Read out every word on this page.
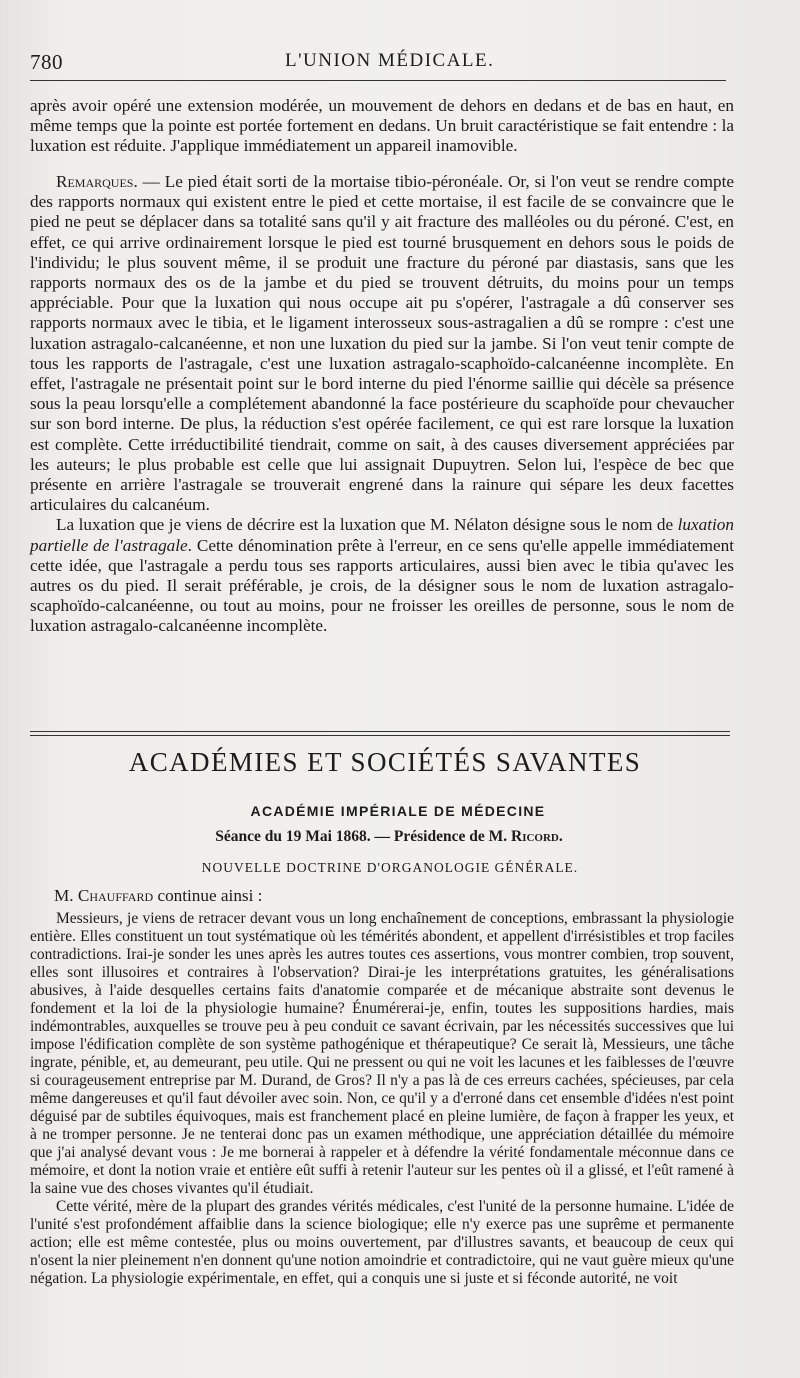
780	L'UNION MÉDICALE.

après avoir opéré une extension modérée, un mouvement de dehors en dedans et de bas en haut, en même temps que la pointe est portée fortement en dedans. Un bruit caractéristique se fait entendre : la luxation est réduite. J'applique immédiatement un appareil inamovible.

Remarques. — Le pied était sorti de la mortaise tibio-péronéale. Or, si l'on veut se rendre compte des rapports normaux qui existent entre le pied et cette mortaise, il est facile de se convaincre que le pied ne peut se déplacer dans sa totalité sans qu'il y ait fracture des malléoles ou du péroné. C'est, en effet, ce qui arrive ordinairement lorsque le pied est tourné brusquement en dehors sous le poids de l'individu; le plus souvent même, il se produit une fracture du péroné par diastasis, sans que les rapports normaux des os de la jambe et du pied se trouvent détruits, du moins pour un temps appréciable. Pour que la luxation qui nous occupe ait pu s'opérer, l'astragale a dû conserver ses rapports normaux avec le tibia, et le ligament interosseux sous-astragalien a dû se rompre : c'est une luxation astragalo-calcanéenne, et non une luxation du pied sur la jambe. Si l'on veut tenir compte de tous les rapports de l'astragale, c'est une luxation astragalo-scaphoïdo-calcanéenne incomplète. En effet, l'astragale ne présentait point sur le bord interne du pied l'énorme saillie qui décèle sa présence sous la peau lorsqu'elle a complétement abandonné la face postérieure du scaphoïde pour chevaucher sur son bord interne. De plus, la réduction s'est opérée facilement, ce qui est rare lorsque la luxation est complète. Cette irréductibilité tiendrait, comme on sait, à des causes diversement appréciées par les auteurs; le plus probable est celle que lui assignait Dupuytren. Selon lui, l'espèce de bec que présente en arrière l'astragale se trouverait engrené dans la rainure qui sépare les deux facettes articulaires du calcanéum.

La luxation que je viens de décrire est la luxation que M. Nélaton désigne sous le nom de luxation partielle de l'astragale. Cette dénomination prête à l'erreur, en ce sens qu'elle appelle immédiatement cette idée, que l'astragale a perdu tous ses rapports articulaires, aussi bien avec le tibia qu'avec les autres os du pied. Il serait préférable, je crois, de la désigner sous le nom de luxation astragalo-scaphoïdo-calcanéenne, ou tout au moins, pour ne froisser les oreilles de personne, sous le nom de luxation astragalo-calcanéenne incomplète.

ACADÉMIES ET SOCIÉTÉS SAVANTES
ACADÉMIE IMPÉRIALE DE MÉDECINE
Séance du 19 Mai 1868. — Présidence de M. Ricord.
NOUVELLE DOCTRINE D'ORGANOLOGIE GÉNÉRALE.

M. Chauffard continue ainsi :

Messieurs, je viens de retracer devant vous un long enchaînement de conceptions, embrassant la physiologie entière. Elles constituent un tout systématique où les témérités abondent, et appellent d'irrésistibles et trop faciles contradictions. Irai-je sonder les unes après les autres toutes ces assertions, vous montrer combien, trop souvent, elles sont illusoires et contraires à l'observation? Dirai-je les interprétations gratuites, les généralisations abusives, à l'aide desquelles certains faits d'anatomie comparée et de mécanique abstraite sont devenus le fondement et la loi de la physiologie humaine? Énumérerai-je, enfin, toutes les suppositions hardies, mais indémontrables, auxquelles se trouve peu à peu conduit ce savant écrivain, par les nécessités successives que lui impose l'édification complète de son système pathogénique et thérapeutique? Ce serait là, Messieurs, une tâche ingrate, pénible, et, au demeurant, peu utile. Qui ne pressent ou qui ne voit les lacunes et les faiblesses de l'œuvre si courageusement entreprise par M. Durand, de Gros? Il n'y a pas là de ces erreurs cachées, spécieuses, par cela même dangereuses et qu'il faut dévoiler avec soin. Non, ce qu'il y a d'erroné dans cet ensemble d'idées n'est point déguisé par de subtiles équivoques, mais est franchement placé en pleine lumière, de façon à frapper les yeux, et à ne tromper personne. Je ne tenterai donc pas un examen méthodique, une appréciation détaillée du mémoire que j'ai analysé devant vous : Je me bornerai à rappeler et à défendre la vérité fondamentale méconnue dans ce mémoire, et dont la notion vraie et entière eût suffi à retenir l'auteur sur les pentes où il a glissé, et l'eût ramené à la saine vue des choses vivantes qu'il étudiait.

Cette vérité, mère de la plupart des grandes vérités médicales, c'est l'unité de la personne humaine. L'idée de l'unité s'est profondément affaiblie dans la science biologique; elle n'y exerce pas une suprême et permanente action; elle est même contestée, plus ou moins ouvertement, par d'illustres savants, et beaucoup de ceux qui n'osent la nier pleinement n'en donnent qu'une notion amoindrie et contradictoire, qui ne vaut guère mieux qu'une négation. La physiologie expérimentale, en effet, qui a conquis une si juste et si féconde autorité, ne voit
